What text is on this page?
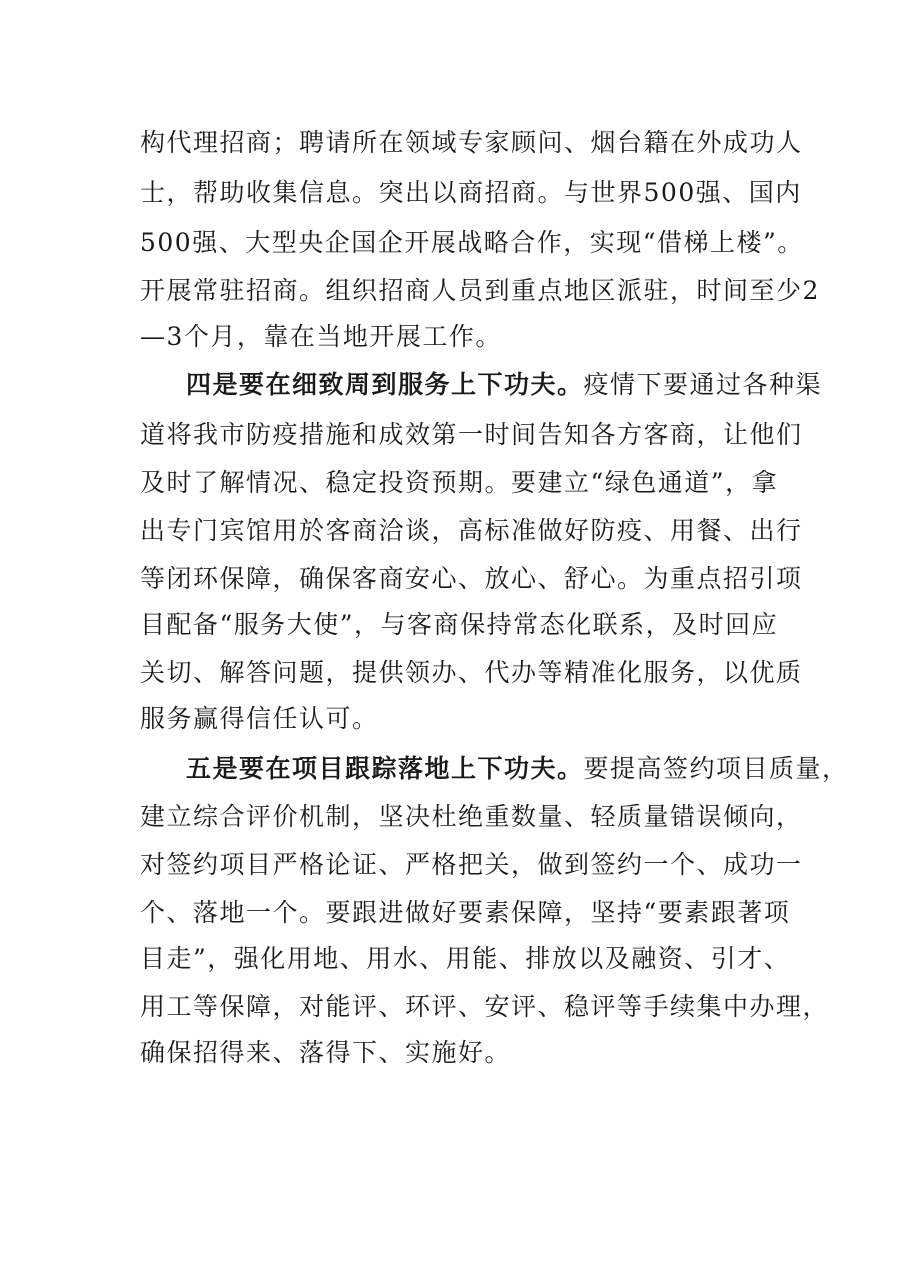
构代理招商；聘请所在领域专家顾问、烟台籍在外成功人
士，帮助收集信息。突出以商招商。与世界500强、国内
500强、大型央企国企开展战略合作，实现“借梯上楼”。
开展常驻招商。组织招商人员到重点地区派驻，时间至少2
—3个月，靠在当地开展工作。
四是要在细致周到服务上下功夫。疫情下要通过各种渠
道将我市防疫措施和成效第一时间告知各方客商，让他们
及时了解情况、稳定投资预期。要建立“绿色通道”，拿
出专门宾馆用於客商洽谈，高标准做好防疫、用餐、出行
等闭环保障，确保客商安心、放心、舒心。为重点招引项
目配备“服务大使”，与客商保持常态化联系，及时回应
关切、解答问题，提供领办、代办等精准化服务，以优质
服务赢得信任认可。
五是要在项目跟踪落地上下功夫。要提高签约项目质量，
建立综合评价机制，坚决杜绝重数量、轻质量错误倾向，
对签约项目严格论证、严格把关，做到签约一个、成功一
个、落地一个。要跟进做好要素保障，坚持“要素跟著项
目走”，强化用地、用水、用能、排放以及融资、引才、
用工等保障，对能评、环评、安评、稳评等手续集中办理，
确保招得来、落得下、实施好。
